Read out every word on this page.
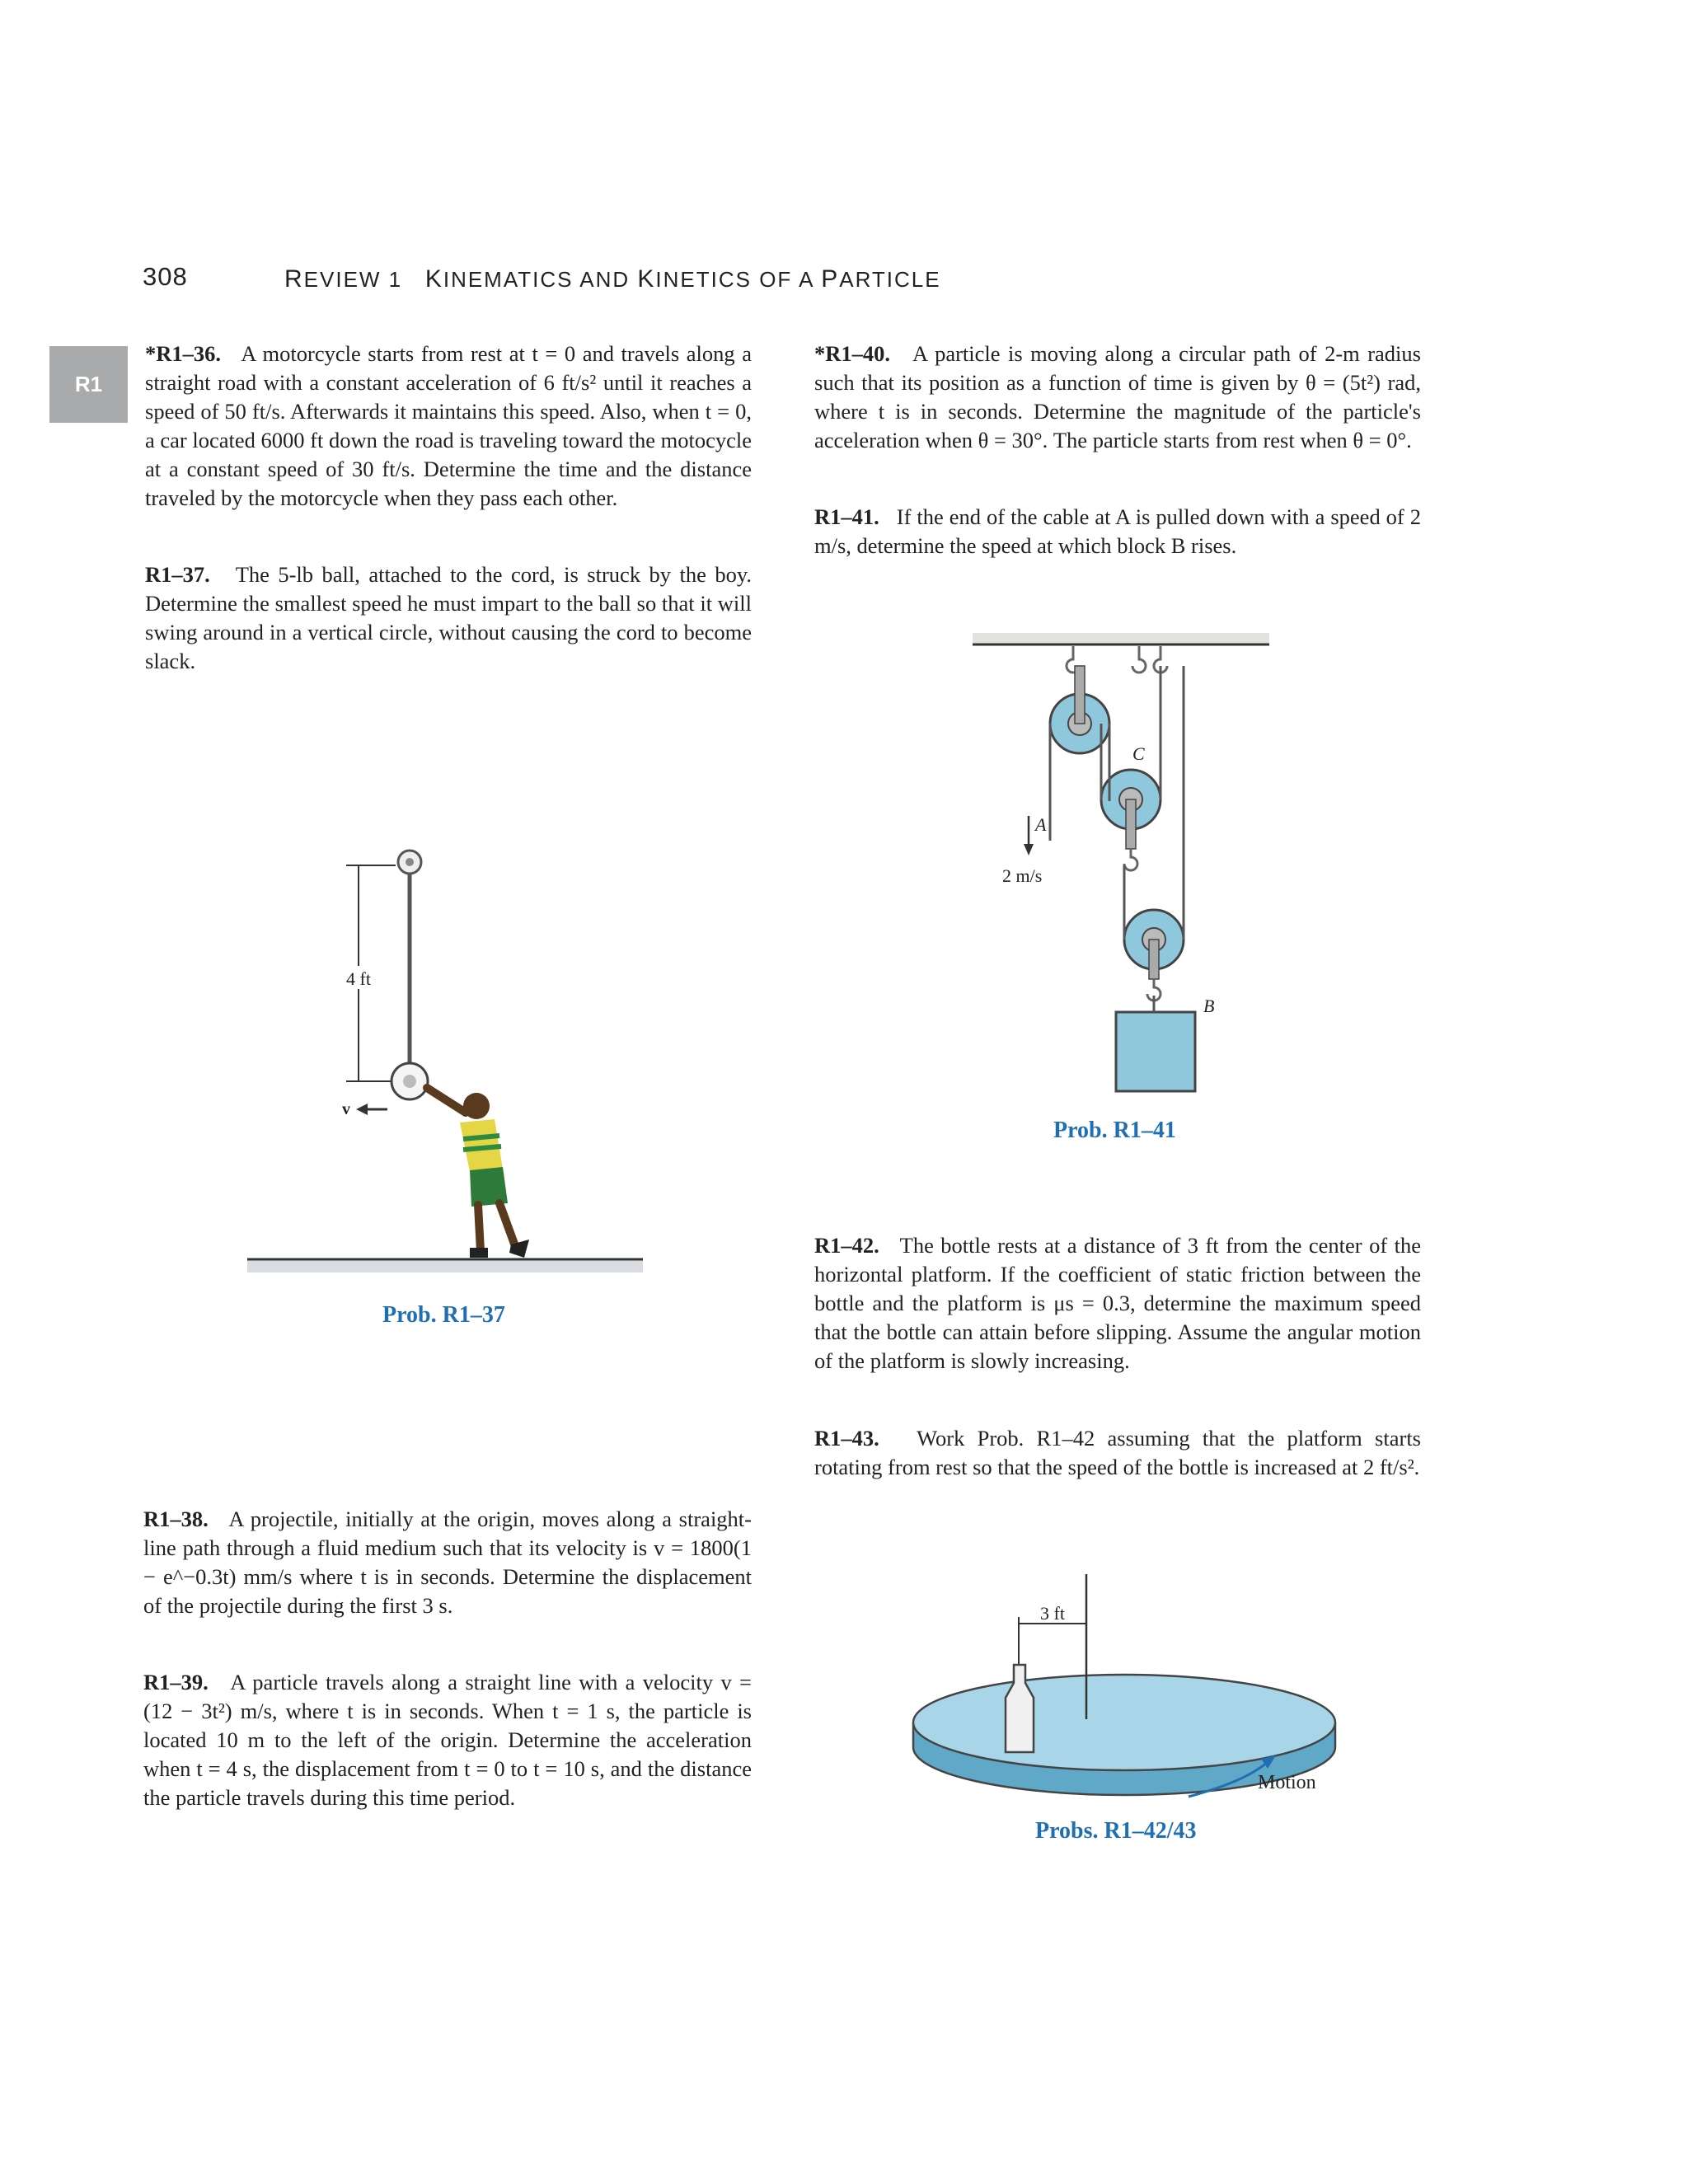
308	REVIEW 1 KINEMATICS AND KINETICS OF A PARTICLE
R1
*R1–36. A motorcycle starts from rest at t = 0 and travels along a straight road with a constant acceleration of 6 ft/s² until it reaches a speed of 50 ft/s. Afterwards it maintains this speed. Also, when t = 0, a car located 6000 ft down the road is traveling toward the motocycle at a constant speed of 30 ft/s. Determine the time and the distance traveled by the motorcycle when they pass each other.
R1–37. The 5-lb ball, attached to the cord, is struck by the boy. Determine the smallest speed he must impart to the ball so that it will swing around in a vertical circle, without causing the cord to become slack.
R1–38. A projectile, initially at the origin, moves along a straight-line path through a fluid medium such that its velocity is v = 1800(1 − e^−0.3t) mm/s where t is in seconds. Determine the displacement of the projectile during the first 3 s.
R1–39. A particle travels along a straight line with a velocity v = (12 − 3t²) m/s, where t is in seconds. When t = 1 s, the particle is located 10 m to the left of the origin. Determine the acceleration when t = 4 s, the displacement from t = 0 to t = 10 s, and the distance the particle travels during this time period.
*R1–40. A particle is moving along a circular path of 2-m radius such that its position as a function of time is given by θ = (5t²) rad, where t is in seconds. Determine the magnitude of the particle's acceleration when θ = 30°. The particle starts from rest when θ = 0°.
R1–41. If the end of the cable at A is pulled down with a speed of 2 m/s, determine the speed at which block B rises.
R1–42. The bottle rests at a distance of 3 ft from the center of the horizontal platform. If the coefficient of static friction between the bottle and the platform is μs = 0.3, determine the maximum speed that the bottle can attain before slipping. Assume the angular motion of the platform is slowly increasing.
R1–43. Work Prob. R1–42 assuming that the platform starts rotating from rest so that the speed of the bottle is increased at 2 ft/s².
4 ft
v
Prob. R1–37
C
A
2 m/s
B
Prob. R1–41
3 ft
Motion
Probs. R1–42/43
